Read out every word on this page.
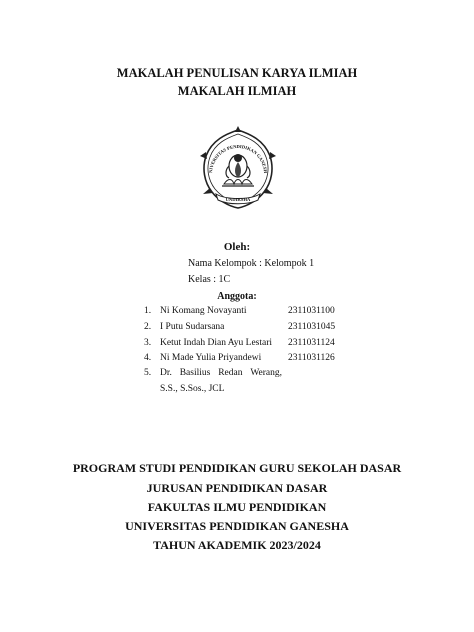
MAKALAH PENULISAN KARYA ILMIAH
MAKALAH ILMIAH
NIVERSITAS PENDIDIKAN GANESH
UNDIKSHA
Oleh:
Nama Kelompok : Kelompok 1
Kelas : 1C
Anggota:
1. Ni Komang Novayanti	2311031100
2. I Putu Sudarsana	2311031045
3. Ketut Indah Dian Ayu Lestari	2311031124
4. Ni Made Yulia Priyandewi	2311031126
5. Dr. Basilius Redan Werang,
S.S., S.Sos., JCL
PROGRAM STUDI PENDIDIKAN GURU SEKOLAH DASAR
JURUSAN PENDIDIKAN DASAR
FAKULTAS ILMU PENDIDIKAN
UNIVERSITAS PENDIDIKAN GANESHA
TAHUN AKADEMIK 2023/2024
